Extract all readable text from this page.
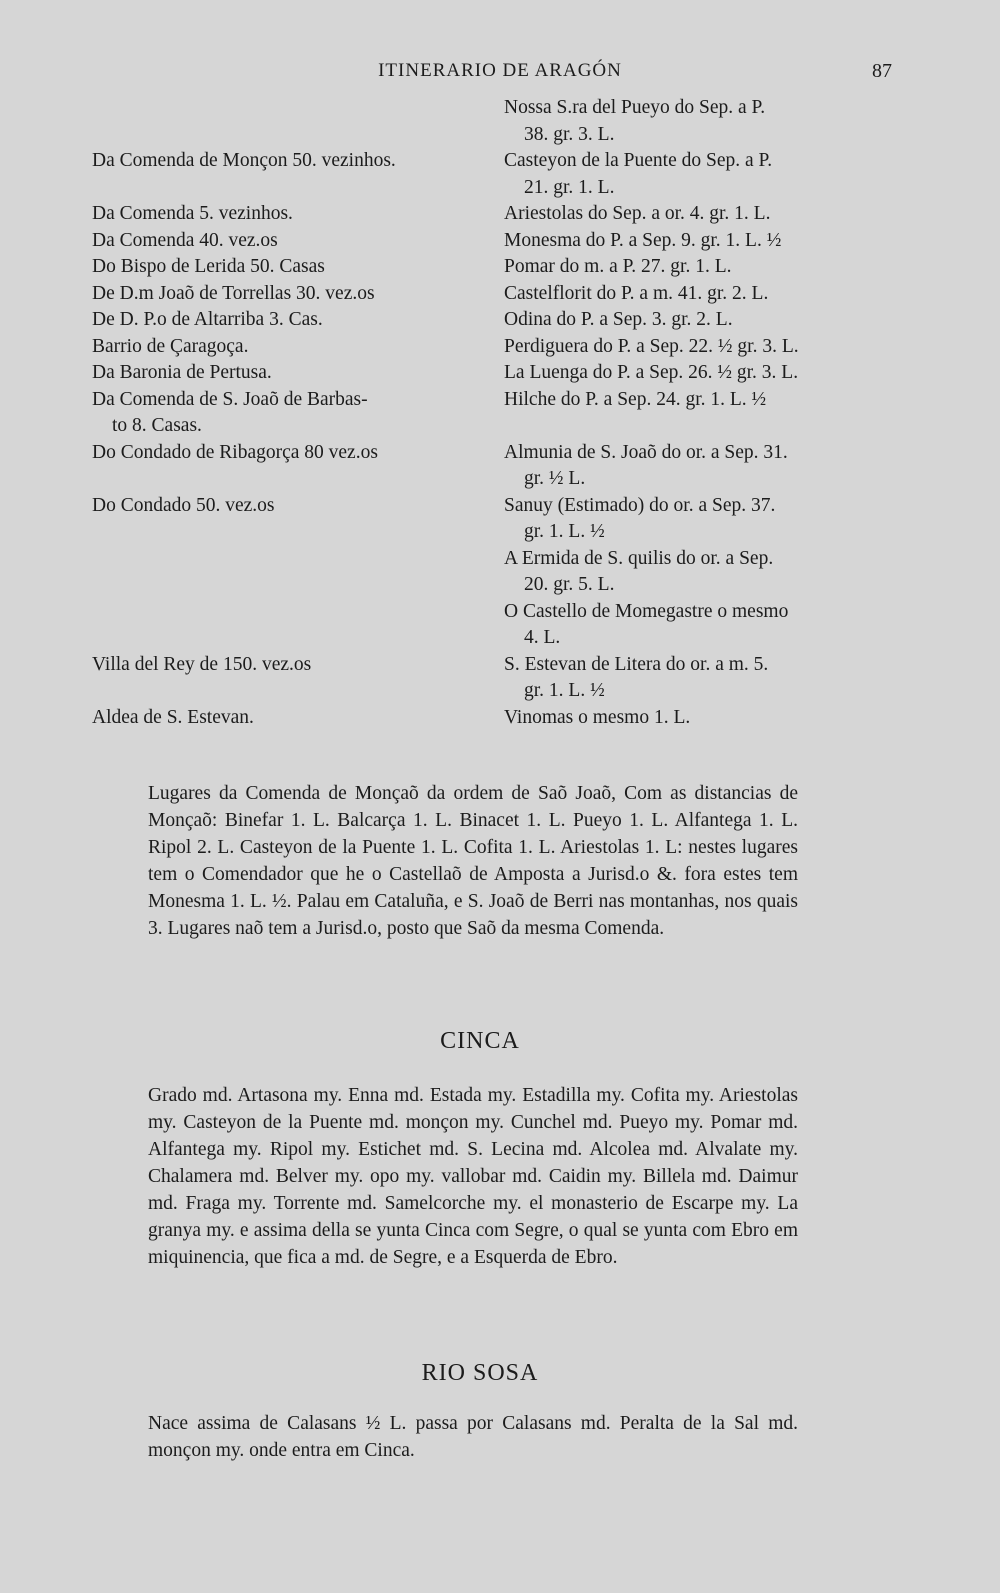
ITINERARIO DE ARAGÓN	87

Da Comenda de Monçon 50. vezinhos.

Da Comenda 5. vezinhos.
Da Comenda 40. vez.os
Do Bispo de Lerida 50. Casas
De D.m Joaõ de Torrellas 30. vez.os
De D. P.o de Altarriba 3. Cas.
Barrio de Çaragoça.
Da Baronia de Pertusa.
Da Comenda de S. Joaõ de Barbas-
to 8. Casas.
Do Condado de Ribagorça 80 vez.os

Do Condado 50. vez.os

Villa del Rey de 150. vez.os

Aldea de S. Estevan.
Nossa S.ra del Pueyo do Sep. a P.
38. gr. 3. L.
Casteyon de la Puente do Sep. a P.
21. gr. 1. L.
Ariestolas do Sep. a or. 4. gr. 1. L.
Monesma do P. a Sep. 9. gr. 1. L. ½
Pomar do m. a P. 27. gr. 1. L.
Castelflorit do P. a m. 41. gr. 2. L.
Odina do P. a Sep. 3. gr. 2. L.
Perdiguera do P. a Sep. 22. ½ gr. 3. L.
La Luenga do P. a Sep. 26. ½ gr. 3. L.
Hilche do P. a Sep. 24. gr. 1. L. ½

Almunia de S. Joaõ do or. a Sep. 31.
gr. ½ L.
Sanuy (Estimado) do or. a Sep. 37.
gr. 1. L. ½
A Ermida de S. quilis do or. a Sep.
20. gr. 5. L.
O Castello de Momegastre o mesmo
4. L.
S. Estevan de Litera do or. a m. 5.
gr. 1. L. ½
Vinomas o mesmo 1. L.
Lugares da Comenda de Monçaõ da ordem de Saõ Joaõ, Com as distancias de Monçaõ: Binefar 1. L. Balcarça 1. L. Binacet 1. L. Pueyo 1. L. Alfantega 1. L. Ripol 2. L. Casteyon de la Puente 1. L. Cofita 1. L. Ariestolas 1. L: nestes lugares tem o Comendador que he o Castellaõ de Amposta a Jurisd.o &. fora estes tem Monesma 1. L. ½. Palau em Cataluña, e S. Joaõ de Berri nas montanhas, nos quais 3. Lugares naõ tem a Jurisd.o, posto que Saõ da mesma Comenda.
CINCA
Grado md. Artasona my. Enna md. Estada my. Estadilla my. Cofita my. Ariestolas my. Casteyon de la Puente md. monçon my. Cunchel md. Pueyo my. Pomar md. Alfantega my. Ripol my. Estichet md. S. Lecina md. Alcolea md. Alvalate my. Chalamera md. Belver my. opo my. vallobar md. Caidin my. Billela md. Daimur md. Fraga my. Torrente md. Samelcorche my. el monasterio de Escarpe my. La granya my. e assima della se yunta Cinca com Segre, o qual se yunta com Ebro em miquinencia, que fica a md. de Segre, e a Esquerda de Ebro.
RIO SOSA
Nace assima de Calasans ½ L. passa por Calasans md. Peralta de la Sal md. monçon my. onde entra em Cinca.
